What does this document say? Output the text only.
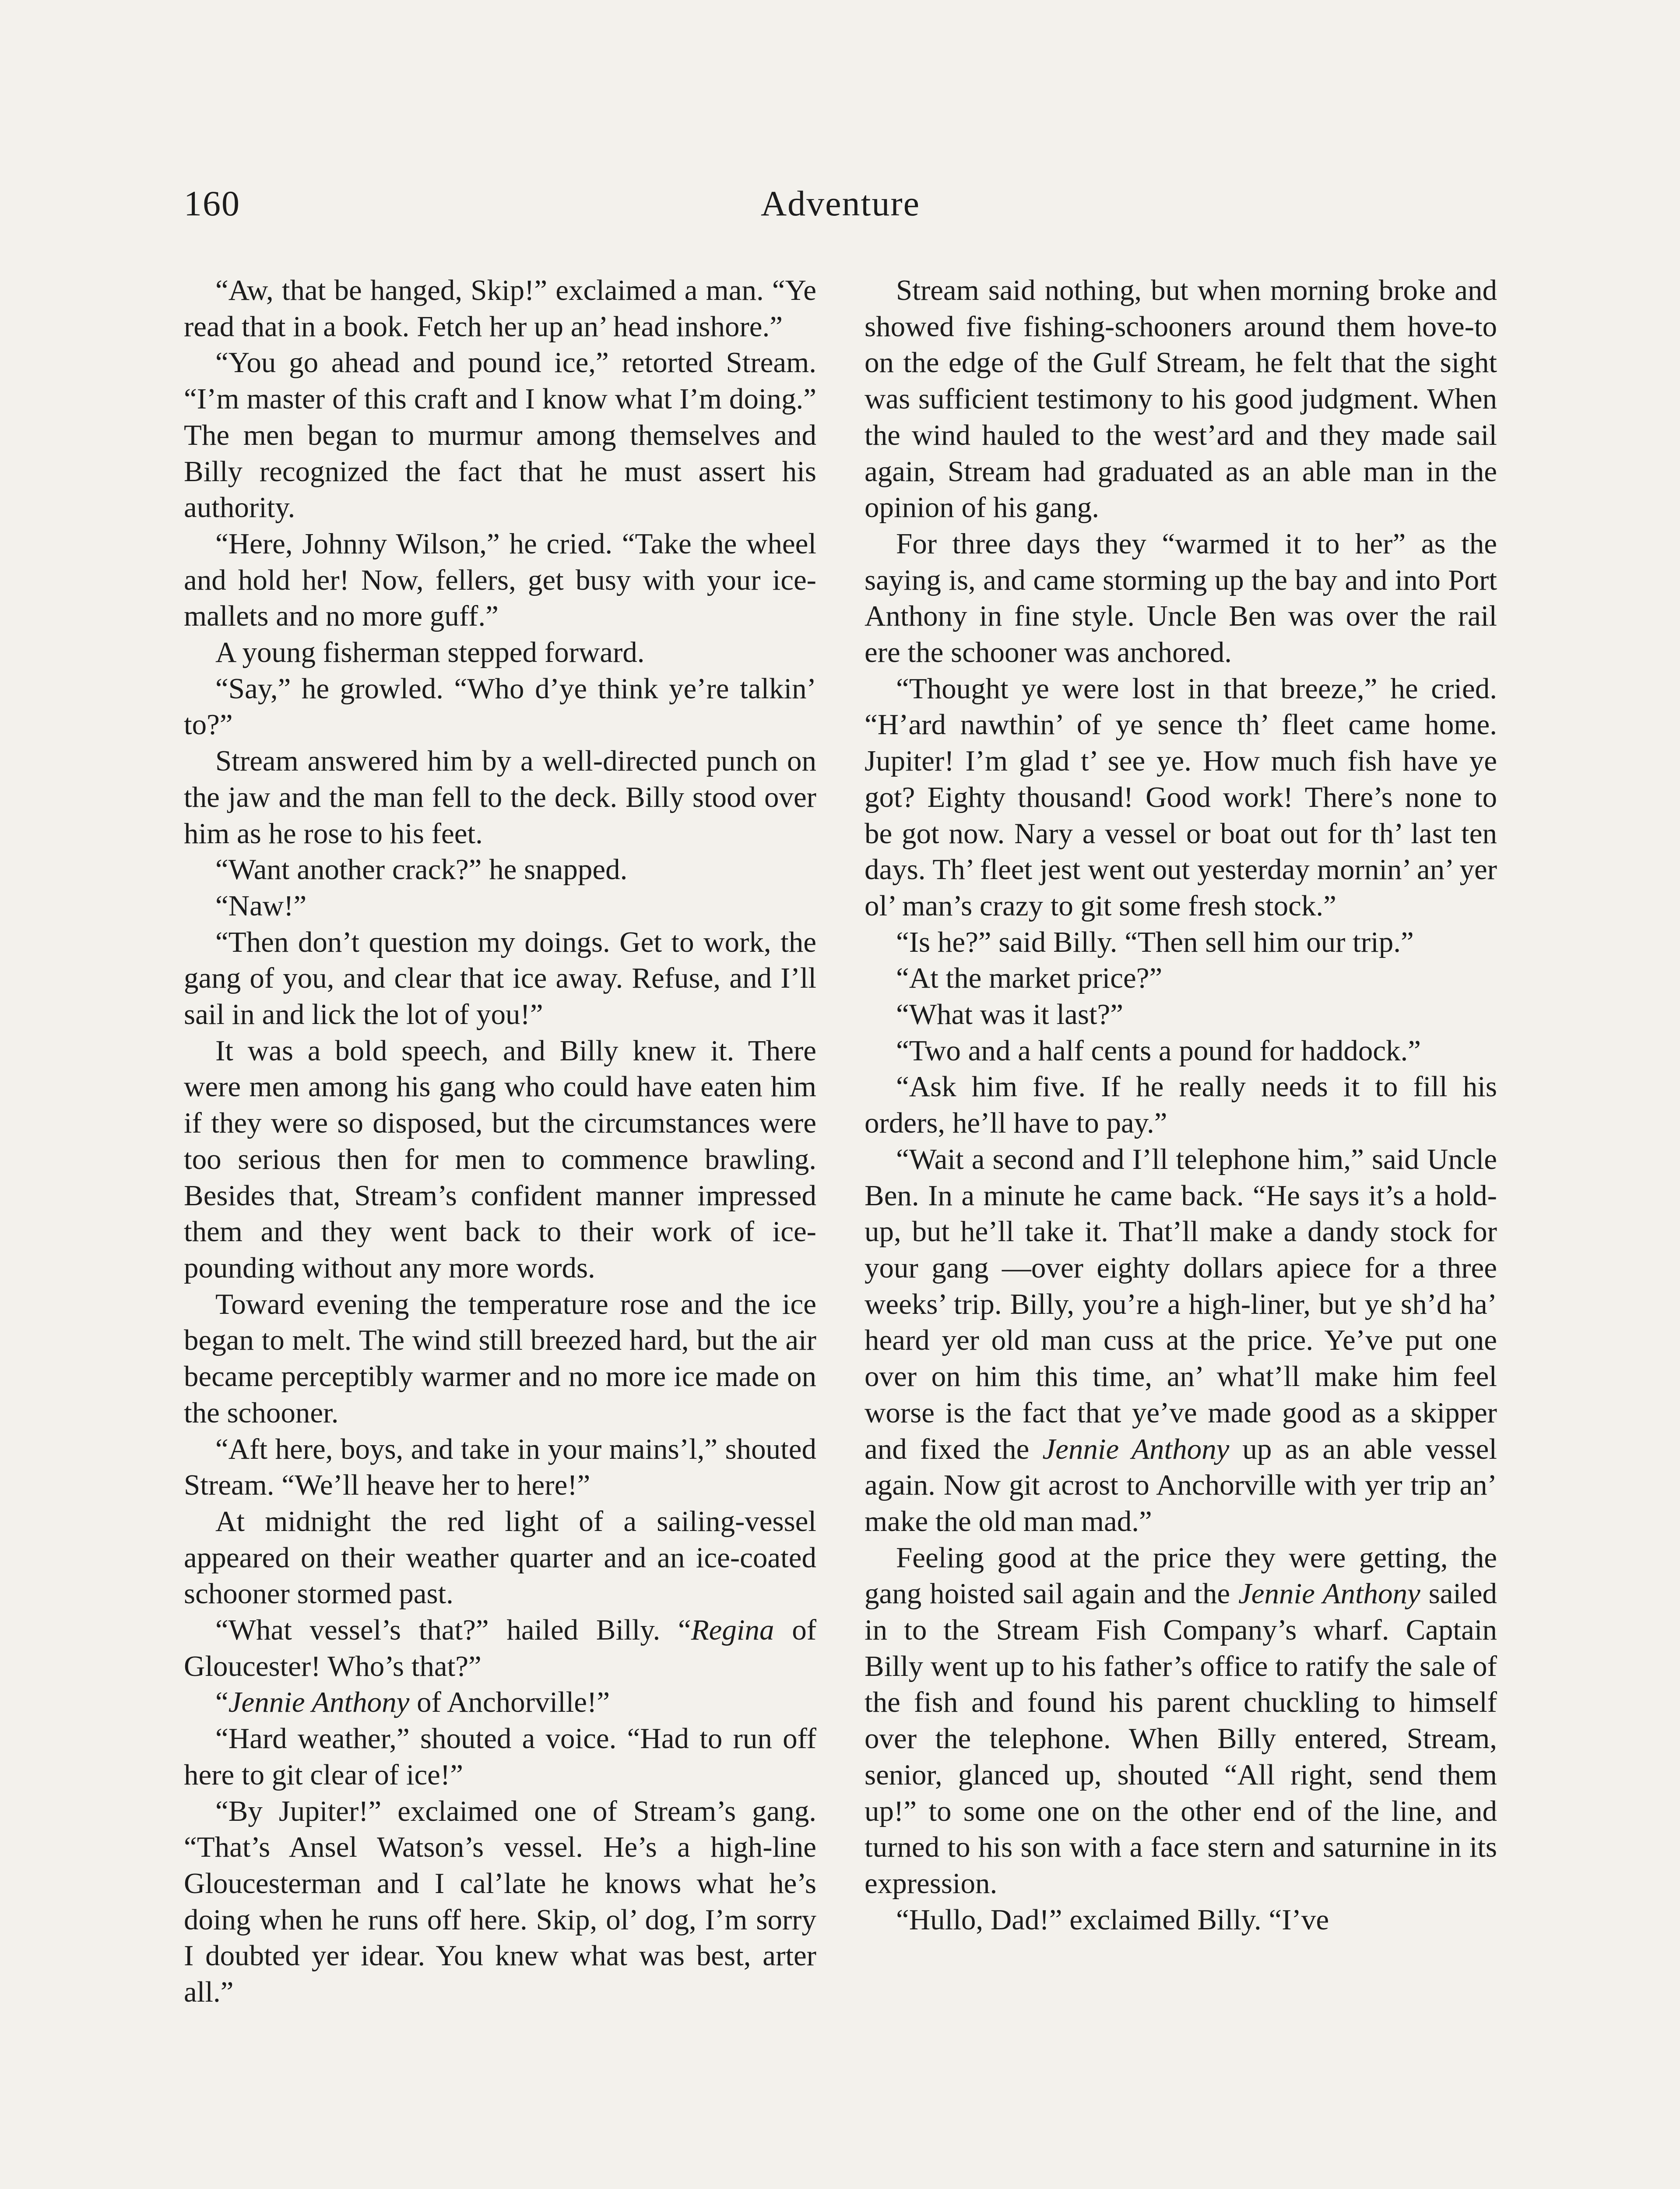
160	Adventure

“Aw, that be hanged, Skip!” exclaimed a man. “Ye read that in a book. Fetch her up an’ head inshore.”

“You go ahead and pound ice,” retorted Stream. “I’m master of this craft and I know what I’m doing.” The men began to murmur among themselves and Billy recognized the fact that he must assert his authority.

“Here, Johnny Wilson,” he cried. “Take the wheel and hold her! Now, fellers, get busy with your ice-mallets and no more guff.”

A young fisherman stepped forward.

“Say,” he growled. “Who d’ye think ye’re talkin’ to?”

Stream answered him by a well-directed punch on the jaw and the man fell to the deck. Billy stood over him as he rose to his feet.

“Want another crack?” he snapped.

“Naw!”

“Then don’t question my doings. Get to work, the gang of you, and clear that ice away. Refuse, and I’ll sail in and lick the lot of you!”

It was a bold speech, and Billy knew it. There were men among his gang who could have eaten him if they were so disposed, but the circumstances were too serious then for men to commence brawling. Besides that, Stream’s confident manner impressed them and they went back to their work of ice-pounding without any more words.

Toward evening the temperature rose and the ice began to melt. The wind still breezed hard, but the air became perceptibly warmer and no more ice made on the schooner.

“Aft here, boys, and take in your mains’l,” shouted Stream. “We’ll heave her to here!”

At midnight the red light of a sailing-vessel appeared on their weather quarter and an ice-coated schooner stormed past.

“What vessel’s that?” hailed Billy. “Regina of Gloucester! Who’s that?”

“Jennie Anthony of Anchorville!”

“Hard weather,” shouted a voice. “Had to run off here to git clear of ice!”

“By Jupiter!” exclaimed one of Stream’s gang. “That’s Ansel Watson’s vessel. He’s a high-line Gloucesterman and I cal’late he knows what he’s doing when he runs off here. Skip, ol’ dog, I’m sorry I doubted yer idear. You knew what was best, arter all.”

Stream said nothing, but when morning broke and showed five fishing-schooners around them hove-to on the edge of the Gulf Stream, he felt that the sight was sufficient testimony to his good judgment. When the wind hauled to the west’ard and they made sail again, Stream had graduated as an able man in the opinion of his gang.

For three days they “warmed it to her” as the saying is, and came storming up the bay and into Port Anthony in fine style. Uncle Ben was over the rail ere the schooner was anchored.

“Thought ye were lost in that breeze,” he cried. “H’ard nawthin’ of ye sence th’ fleet came home. Jupiter! I’m glad t’ see ye. How much fish have ye got? Eighty thousand! Good work! There’s none to be got now. Nary a vessel or boat out for th’ last ten days. Th’ fleet jest went out yesterday mornin’ an’ yer ol’ man’s crazy to git some fresh stock.”

“Is he?” said Billy. “Then sell him our trip.”

“At the market price?”

“What was it last?”

“Two and a half cents a pound for haddock.”

“Ask him five. If he really needs it to fill his orders, he’ll have to pay.”

“Wait a second and I’ll telephone him,” said Uncle Ben. In a minute he came back. “He says it’s a hold-up, but he’ll take it. That’ll make a dandy stock for your gang —over eighty dollars apiece for a three weeks’ trip. Billy, you’re a high-liner, but ye sh’d ha’ heard yer old man cuss at the price. Ye’ve put one over on him this time, an’ what’ll make him feel worse is the fact that ye’ve made good as a skipper and fixed the Jennie Anthony up as an able vessel again. Now git acrost to Anchorville with yer trip an’ make the old man mad.”

Feeling good at the price they were getting, the gang hoisted sail again and the Jennie Anthony sailed in to the Stream Fish Company’s wharf. Captain Billy went up to his father’s office to ratify the sale of the fish and found his parent chuckling to himself over the telephone. When Billy entered, Stream, senior, glanced up, shouted “All right, send them up!” to some one on the other end of the line, and turned to his son with a face stern and saturnine in its expression.

“Hullo, Dad!” exclaimed Billy. “I’ve
